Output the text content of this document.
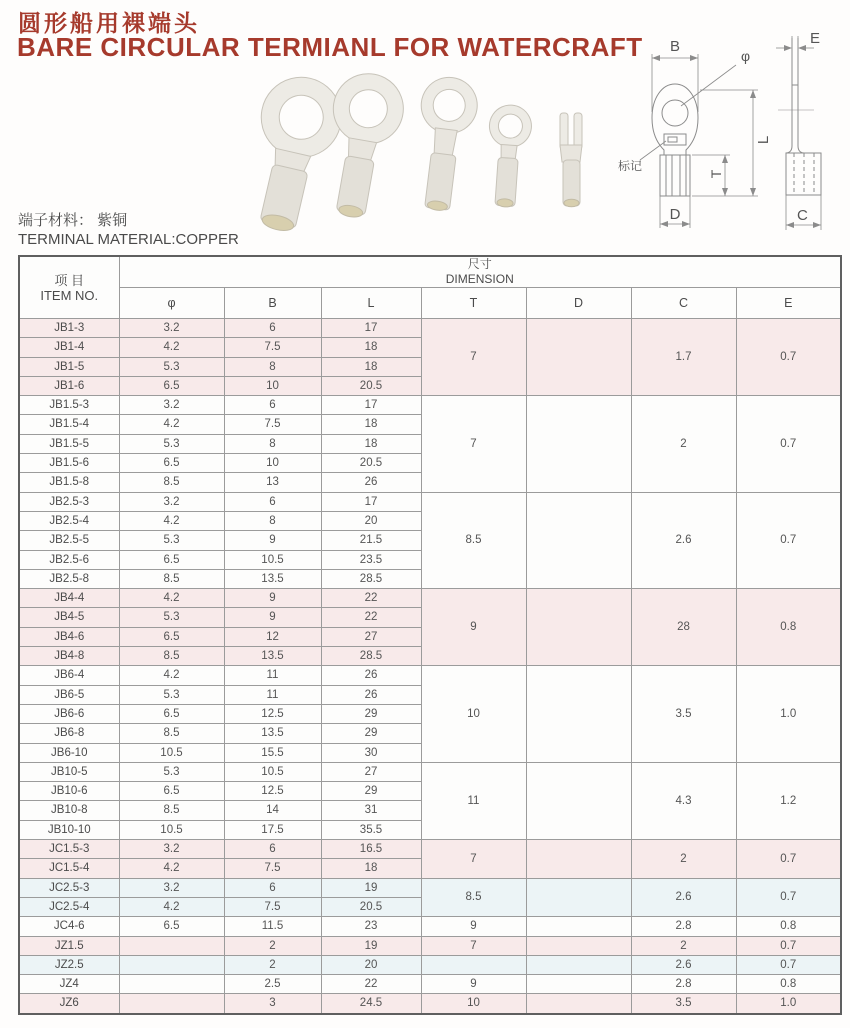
圆形船用裸端头
BARE CIRCULAR TERMIANL FOR WATERCRAFT B
φ
L
T
D
标记
E
C
端子材料： 紫铜
TERMINAL MATERIAL:COPPER
项 目
ITEM NO.

尺寸
DIMENSION

	φ	B	L	T	D	C	E
JB1-3	3.2	6	17	7		1.7	0.7
JB1-4	4.2	7.5	18				
JB1-5	5.3	8	18				
JB1-6	6.5	10	20.5				
JB1.5-3	3.2	6	17	7		2	0.7
JB1.5-4	4.2	7.5	18				
JB1.5-5	5.3	8	18				
JB1.5-6	6.5	10	20.5				
JB1.5-8	8.5	13	26				
JB2.5-3	3.2	6	17	8.5		2.6	0.7
JB2.5-4	4.2	8	20				
JB2.5-5	5.3	9	21.5				
JB2.5-6	6.5	10.5	23.5				
JB2.5-8	8.5	13.5	28.5				
JB4-4	4.2	9	22	9		28	0.8
JB4-5	5.3	9	22				
JB4-6	6.5	12	27				
JB4-8	8.5	13.5	28.5				
JB6-4	4.2	11	26	10		3.5	1.0
JB6-5	5.3	11	26				
JB6-6	6.5	12.5	29				
JB6-8	8.5	13.5	29				
JB6-10	10.5	15.5	30				
JB10-5	5.3	10.5	27	11		4.3	1.2
JB10-6	6.5	12.5	29				
JB10-8	8.5	14	31				
JB10-10	10.5	17.5	35.5				
JC1.5-3	3.2	6	16.5	7		2	0.7
JC1.5-4	4.2	7.5	18				
JC2.5-3	3.2	6	19	8.5		2.6	0.7
JC2.5-4	4.2	7.5	20.5				
JC4-6	6.5	11.5	23	9		2.8	0.8
JZ1.5		2	19	7		2	0.7
JZ2.5		2	20			2.6	0.7
JZ4		2.5	22	9		2.8	0.8
JZ6		3	24.5	10		3.5	1.0
